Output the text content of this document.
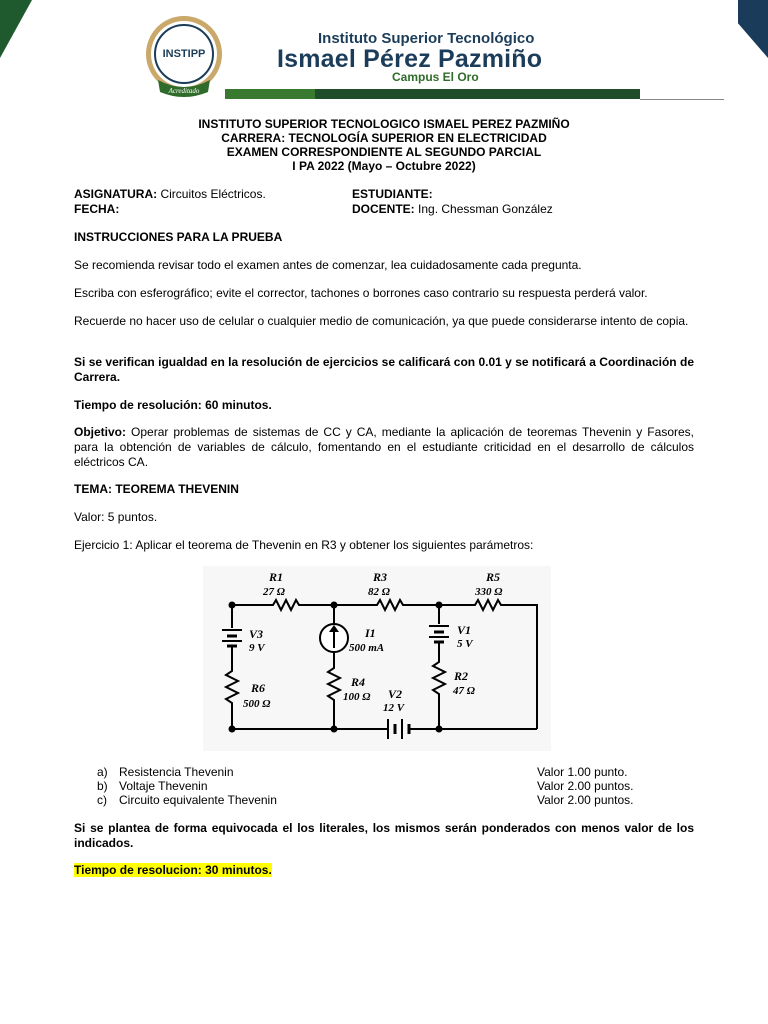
INSTIPP
Acreditado
Instituto Superior Tecnológico
Ismael Pérez Pazmiño
Campus El Oro
INSTITUTO SUPERIOR TECNOLOGICO ISMAEL PEREZ PAZMIÑO
CARRERA: TECNOLOGÍA SUPERIOR EN ELECTRICIDAD
EXAMEN CORRESPONDIENTE AL SEGUNDO PARCIAL
I PA 2022 (Mayo – Octubre 2022)
ASIGNATURA: Circuitos Eléctricos.
FECHA:
ESTUDIANTE:
DOCENTE: Ing. Chessman González
INSTRUCCIONES PARA LA PRUEBA
Se recomienda revisar todo el examen antes de comenzar, lea cuidadosamente cada pregunta.
Escriba con esferográfico; evite el corrector, tachones o borrones caso contrario su respuesta perderá valor.
Recuerde no hacer uso de celular o cualquier medio de comunicación, ya que puede considerarse intento de copia.
Si se verifican igualdad en la resolución de ejercicios se calificará con 0.01 y se notificará a Coordinación de Carrera.
Tiempo de resolución: 60 minutos.
Objetivo: Operar problemas de sistemas de CC y CA, mediante la aplicación de teoremas Thevenin y Fasores, para la obtención de variables de cálculo, fomentando en el estudiante criticidad en el desarrollo de cálculos eléctricos CA.
TEMA: TEOREMA THEVENIN
Valor: 5 puntos.
Ejercicio 1: Aplicar el teorema de Thevenin en R3 y obtener los siguientes parámetros:
R1
27 Ω
R3
82 Ω
R5
330 Ω
V3
9 V
I1
500 mA
V1
5 V
R6
500 Ω
R4
100 Ω V2
12 V
R2
47 Ω
a) Resistencia Thevenin	Valor 1.00 punto.
b) Voltaje Thevenin	Valor 2.00 puntos.
c) Circuito equivalente Thevenin	Valor 2.00 puntos.
Si se plantea de forma equivocada el los literales, los mismos serán ponderados con menos valor de los indicados.
Tiempo de resolucion: 30 minutos.
